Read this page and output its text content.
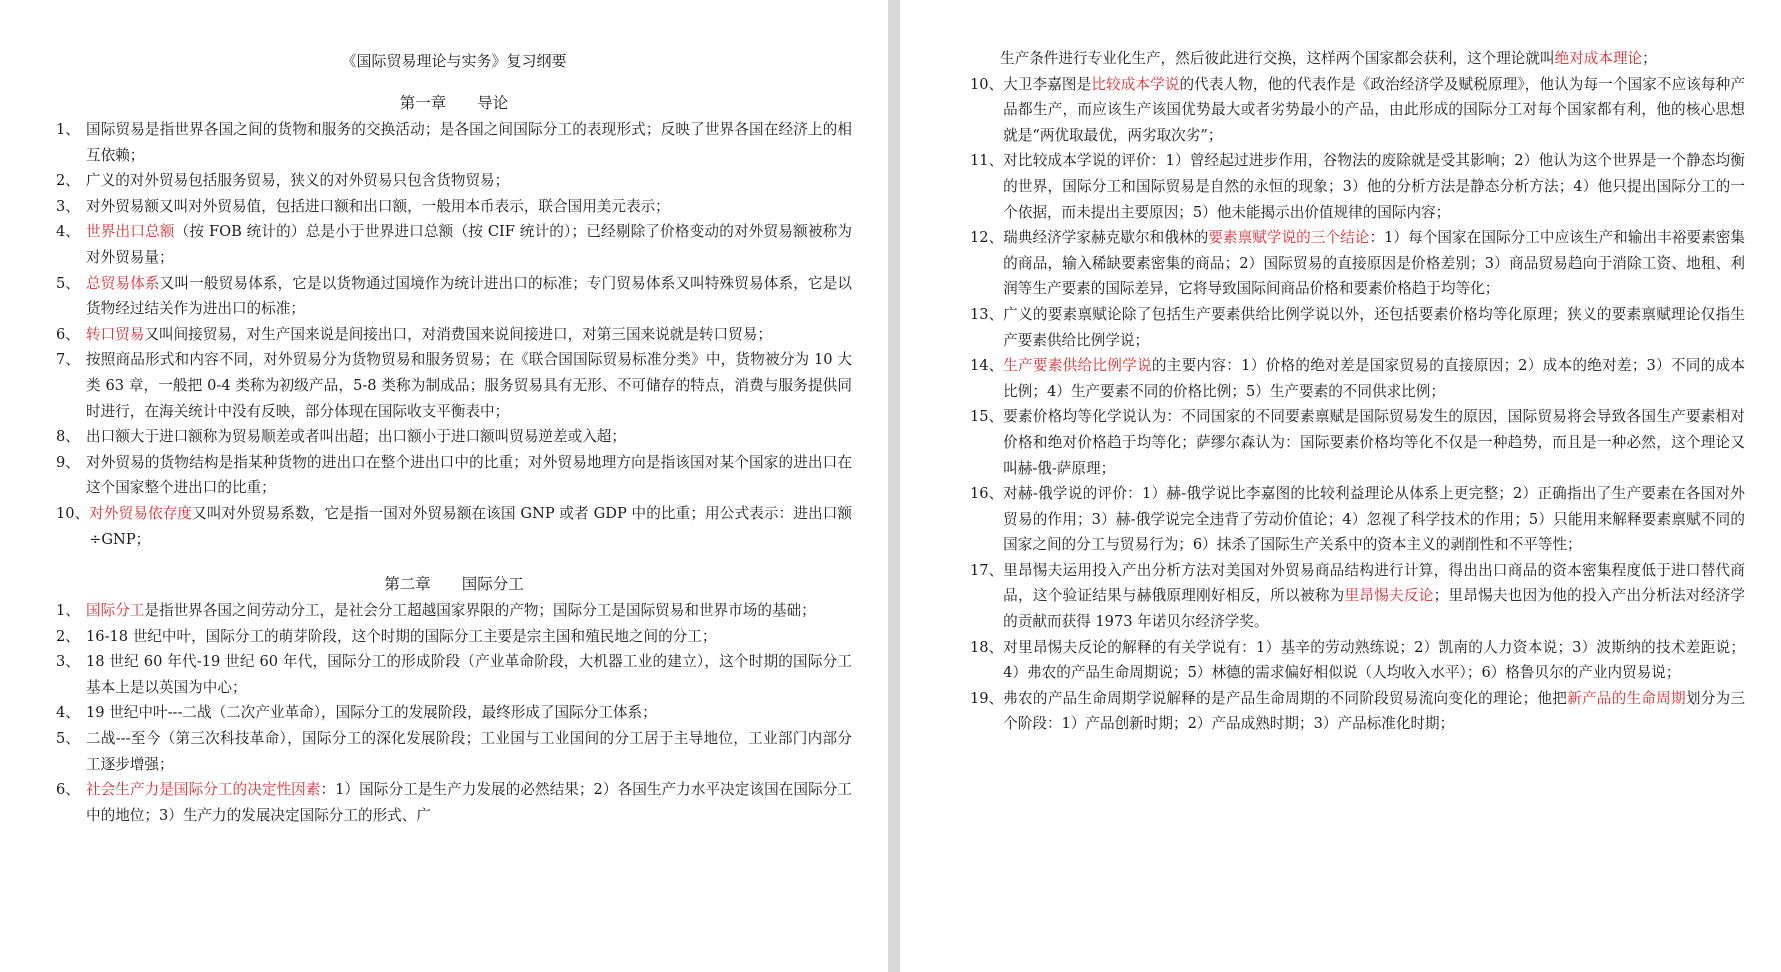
《国际贸易理论与实务》复习纲要
第一章　　导论
1、 国际贸易是指世界各国之间的货物和服务的交换活动；是各国之间国际分工的表现形式；反映了世界各国在经济上的相互依赖；
2、 广义的对外贸易包括服务贸易，狭义的对外贸易只包含货物贸易；
3、 对外贸易额又叫对外贸易值，包括进口额和出口额，一般用本币表示，联合国用美元表示；
4、 世界出口总额（按 FOB 统计的）总是小于世界进口总额（按 CIF 统计的）；已经剔除了价格变动的对外贸易额被称为对外贸易量；
5、 总贸易体系又叫一般贸易体系，它是以货物通过国境作为统计进出口的标准；专门贸易体系又叫特殊贸易体系，它是以货物经过结关作为进出口的标准；
6、 转口贸易又叫间接贸易，对生产国来说是间接出口，对消费国来说间接进口，对第三国来说就是转口贸易；
7、 按照商品形式和内容不同，对外贸易分为货物贸易和服务贸易；在《联合国国际贸易标准分类》中，货物被分为 10 大类 63 章，一般把 0-4 类称为初级产品，5-8 类称为制成品；服务贸易具有无形、不可储存的特点，消费与服务提供同时进行，在海关统计中没有反映，部分体现在国际收支平衡表中；
8、 出口额大于进口额称为贸易顺差或者叫出超；出口额小于进口额叫贸易逆差或入超；
9、 对外贸易的货物结构是指某种货物的进出口在整个进出口中的比重；对外贸易地理方向是指该国对某个国家的进出口在这个国家整个进出口的比重；
10、 对外贸易依存度又叫对外贸易系数，它是指一国对外贸易额在该国 GNP 或者 GDP 中的比重；用公式表示：进出口额÷GNP；
第二章　　国际分工
1、 国际分工是指世界各国之间劳动分工，是社会分工超越国家界限的产物；国际分工是国际贸易和世界市场的基础；
2、 16-18 世纪中叶，国际分工的萌芽阶段，这个时期的国际分工主要是宗主国和殖民地之间的分工；
3、 18 世纪 60 年代-19 世纪 60 年代，国际分工的形成阶段（产业革命阶段，大机器工业的建立），这个时期的国际分工基本上是以英国为中心；
4、 19 世纪中叶---二战（二次产业革命），国际分工的发展阶段，最终形成了国际分工体系；
5、 二战---至今（第三次科技革命），国际分工的深化发展阶段；工业国与工业国间的分工居于主导地位，工业部门内部分工逐步增强；
6、 社会生产力是国际分工的决定性因素：1）国际分工是生产力发展的必然结果；2）各国生产力水平决定该国在国际分工中的地位；3）生产力的发展决定国际分工的形式、广
生产条件进行专业化生产，然后彼此进行交换，这样两个国家都会获利，这个理论就叫绝对成本理论；
10、 大卫李嘉图是比较成本学说的代表人物，他的代表作是《政治经济学及赋税原理》，他认为每一个国家不应该每种产品都生产，而应该生产该国优势最大或者劣势最小的产品，由此形成的国际分工对每个国家都有利，他的核心思想就是“两优取最优，两劣取次劣”；
11、 对比较成本学说的评价：1）曾经起过进步作用，谷物法的废除就是受其影响；2）他认为这个世界是一个静态均衡的世界，国际分工和国际贸易是自然的永恒的现象；3）他的分析方法是静态分析方法；4）他只提出国际分工的一个依据，而未提出主要原因；5）他未能揭示出价值规律的国际内容；
12、 瑞典经济学家赫克歇尔和俄林的要素禀赋学说的三个结论：1）每个国家在国际分工中应该生产和输出丰裕要素密集的商品，输入稀缺要素密集的商品；2）国际贸易的直接原因是价格差别；3）商品贸易趋向于消除工资、地租、利润等生产要素的国际差异，它将导致国际间商品价格和要素价格趋于均等化；
13、 广义的要素禀赋论除了包括生产要素供给比例学说以外，还包括要素价格均等化原理；狭义的要素禀赋理论仅指生产要素供给比例学说；
14、 生产要素供给比例学说的主要内容：1）价格的绝对差是国家贸易的直接原因；2）成本的绝对差；3）不同的成本比例；4）生产要素不同的价格比例；5）生产要素的不同供求比例；
15、 要素价格均等化学说认为：不同国家的不同要素禀赋是国际贸易发生的原因，国际贸易将会导致各国生产要素相对价格和绝对价格趋于均等化；萨缪尔森认为：国际要素价格均等化不仅是一种趋势，而且是一种必然，这个理论又叫赫-俄-萨原理；
16、 对赫-俄学说的评价：1）赫-俄学说比李嘉图的比较利益理论从体系上更完整；2）正确指出了生产要素在各国对外贸易的作用；3）赫-俄学说完全违背了劳动价值论；4）忽视了科学技术的作用；5）只能用来解释要素禀赋不同的国家之间的分工与贸易行为；6）抹杀了国际生产关系中的资本主义的剥削性和不平等性；
17、 里昂惕夫运用投入产出分析方法对美国对外贸易商品结构进行计算，得出出口商品的资本密集程度低于进口替代商品，这个验证结果与赫俄原理刚好相反，所以被称为里昂惕夫反论；里昂惕夫也因为他的投入产出分析法对经济学的贡献而获得 1973 年诺贝尔经济学奖。
18、 对里昂惕夫反论的解释的有关学说有：1）基辛的劳动熟练说；2）凯南的人力资本说；3）波斯纳的技术差距说；4）弗农的产品生命周期说；5）林德的需求偏好相似说（人均收入水平）；6）格鲁贝尔的产业内贸易说；
19、 弗农的产品生命周期学说解释的是产品生命周期的不同阶段贸易流向变化的理论；他把新产品的生命周期划分为三个阶段：1）产品创新时期；2）产品成熟时期；3）产品标准化时期；
